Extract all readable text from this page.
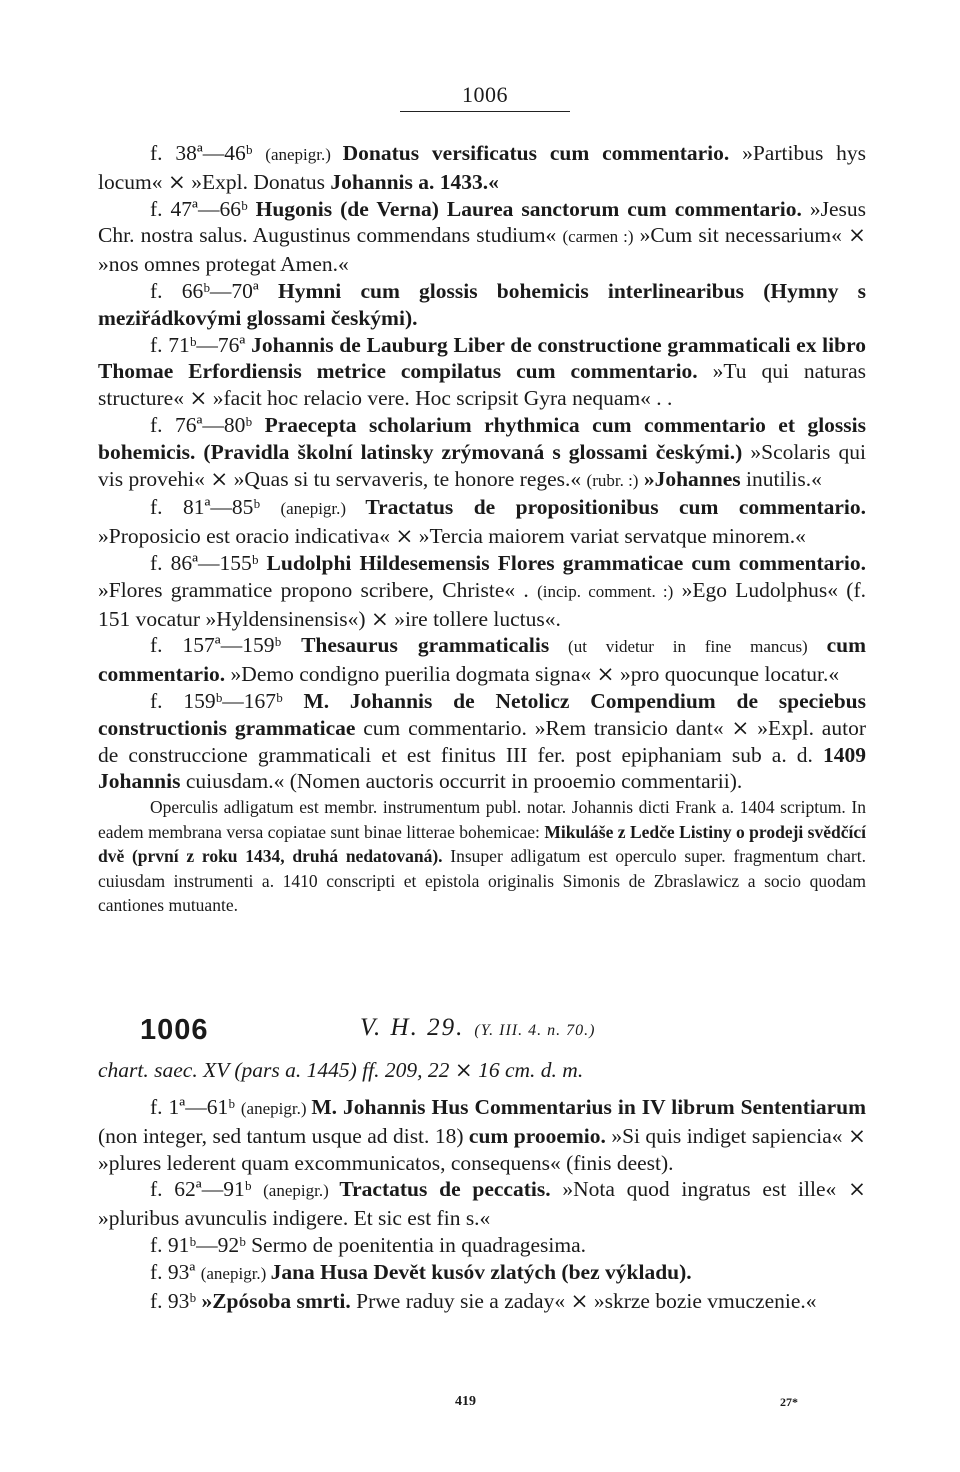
1006

f. 38ª—46ᵇ (anepigr.) Donatus versificatus cum commentario. »Partibus hys locum« ⨯ »Expl. Donatus Johannis a. 1433.«

f. 47ª—66ᵇ Hugonis (de Verna) Laurea sanctorum cum commentario. »Jesus Chr. nostra salus. Augustinus commendans studium« (carmen :) »Cum sit necessarium« ⨯ »nos omnes protegat Amen.«

f. 66ᵇ—70ª Hymni cum glossis bohemicis interlinearibus (Hymny s meziřádkovými glossami českými).

f. 71ᵇ—76ª Johannis de Lauburg Liber de constructione grammaticali ex libro Thomae Erfordiensis metrice compilatus cum commentario. »Tu qui naturas structure« ⨯ »facit hoc relacio vere. Hoc scripsit Gyra nequam« . .

f. 76ª—80ᵇ Praecepta scholarium rhythmica cum commentario et glossis bohemicis. (Pravidla školní latinsky zrýmovaná s glossami českými.) »Scolaris qui vis provehi« ⨯ »Quas si tu servaveris, te honore reges.« (rubr. :) »Johannes inutilis.«

f. 81ª—85ᵇ (anepigr.) Tractatus de propositionibus cum commentario. »Proposicio est oracio indicativa« ⨯ »Tercia maiorem variat servatque minorem.«

f. 86ª—155ᵇ Ludolphi Hildesemensis Flores grammaticae cum commentario. »Flores grammatice propono scribere, Christe« . (incip. comment. :) »Ego Ludolphus« (f. 151 vocatur »Hyldensinensis«) ⨯ »ire tollere luctus«.

f. 157ª—159ᵇ Thesaurus grammaticalis (ut videtur in fine mancus) cum commentario. »Demo condigno puerilia dogmata signa« ⨯ »pro quocunque locatur.«

f. 159ᵇ—167ᵇ M. Johannis de Netolicz Compendium de speciebus constructionis grammaticae cum commentario. »Rem transicio dant« ⨯ »Expl. autor de construccione grammaticali et est finitus III fer. post epiphaniam sub a. d. 1409 Johannis cuiusdam.« (Nomen auctoris occurrit in prooemio commentarii).

Operculis adligatum est membr. instrumentum publ. notar. Johannis dicti Frank a. 1404 scriptum. In eadem membrana versa copiatae sunt binae litterae bohemicae: Mikuláše z Ledče Listiny o prodeji svědčící dvě (první z roku 1434, druhá nedatovaná). Insuper adligatum est operculo super. fragmentum chart. cuiusdam instrumenti a. 1410 conscripti et epistola originalis Simonis de Zbraslawicz a socio quodam cantiones mutuante.

1006	V. H. 29. (Y. III. 4. n. 70.)
chart. saec. XV (pars a. 1445) ff. 209, 22 ⨯ 16 cm. d. m.

f. 1ª—61ᵇ (anepigr.) M. Johannis Hus Commentarius in IV librum Sententiarum (non integer, sed tantum usque ad dist. 18) cum prooemio. »Si quis indiget sapiencia« ⨯ »plures lederent quam excommunicatos, consequens« (finis deest).

f. 62ª—91ᵇ (anepigr.) Tractatus de peccatis. »Nota quod ingratus est ille« ⨯ »pluribus avunculis indigere. Et sic est fin s.«

f. 91ᵇ—92ᵇ Sermo de poenitentia in quadragesima.

f. 93ª (anepigr.) Jana Husa Devět kusóv zlatých (bez výkladu).

f. 93ᵇ »Zpósoba smrti. Prwe raduy sie a zaday« ⨯ »skrze bozie vmuczenie.«

419	27*
